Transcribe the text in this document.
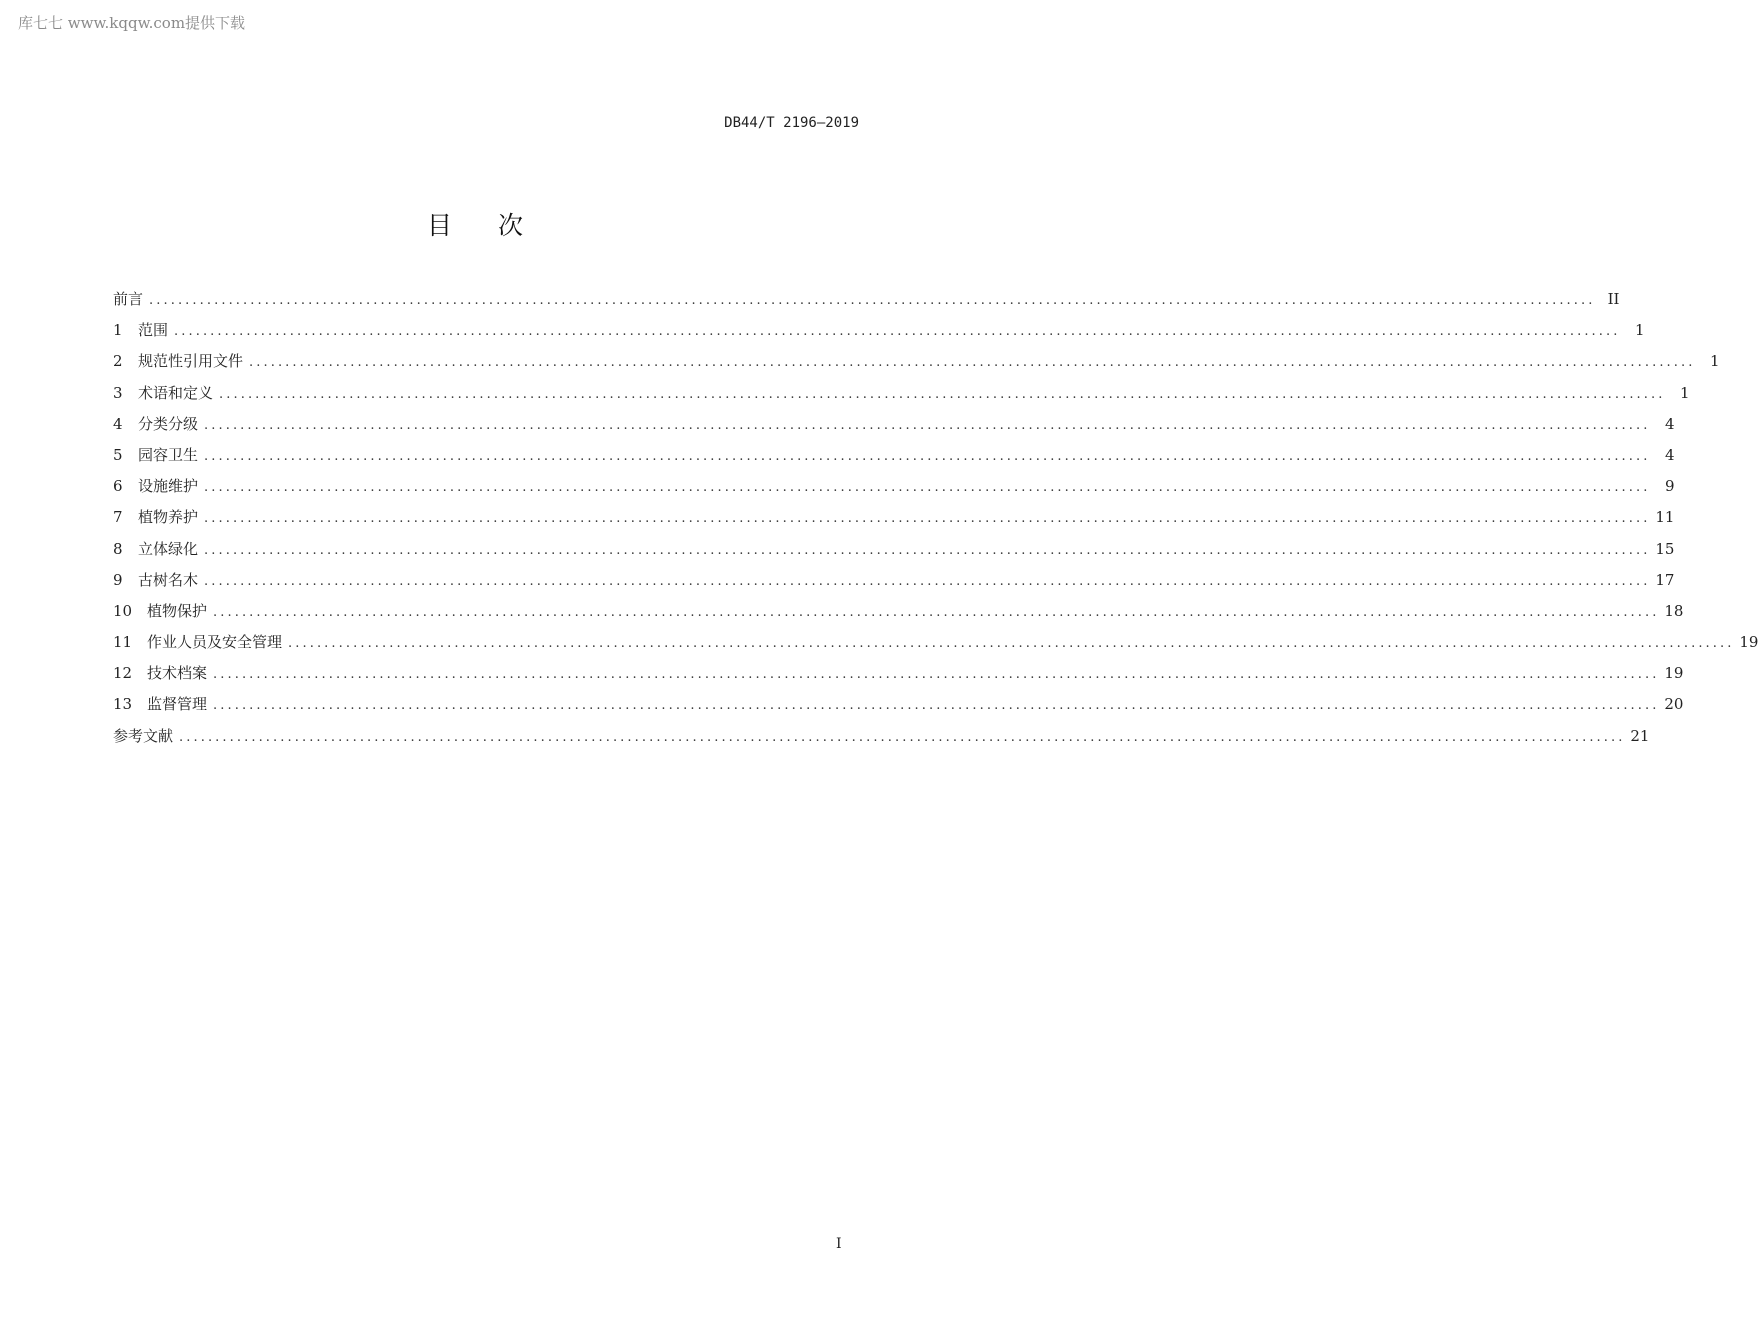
库七七 www.kqqw.com提供下载
DB44/T 2196—2019
目次
前言 ........................................................................................................................................................................................................ II
1	范围 ........................................................................................................................................................................................................ 1
2	规范性引用文件 ........................................................................................................................................................................................................ 1
3	术语和定义 ........................................................................................................................................................................................................ 1
4	分类分级 ........................................................................................................................................................................................................ 4
5	园容卫生 ........................................................................................................................................................................................................ 4
6	设施维护 ........................................................................................................................................................................................................ 9
7	植物养护 ........................................................................................................................................................................................................ 11
8	立体绿化 ........................................................................................................................................................................................................ 15
9	古树名木 ........................................................................................................................................................................................................ 17
10 植物保护 ........................................................................................................................................................................................................ 18
11 作业人员及安全管理 ........................................................................................................................................................................................................ 19
12 技术档案 ........................................................................................................................................................................................................ 19
13 监督管理 ........................................................................................................................................................................................................ 20
参考文献 ........................................................................................................................................................................................................ 21
I
